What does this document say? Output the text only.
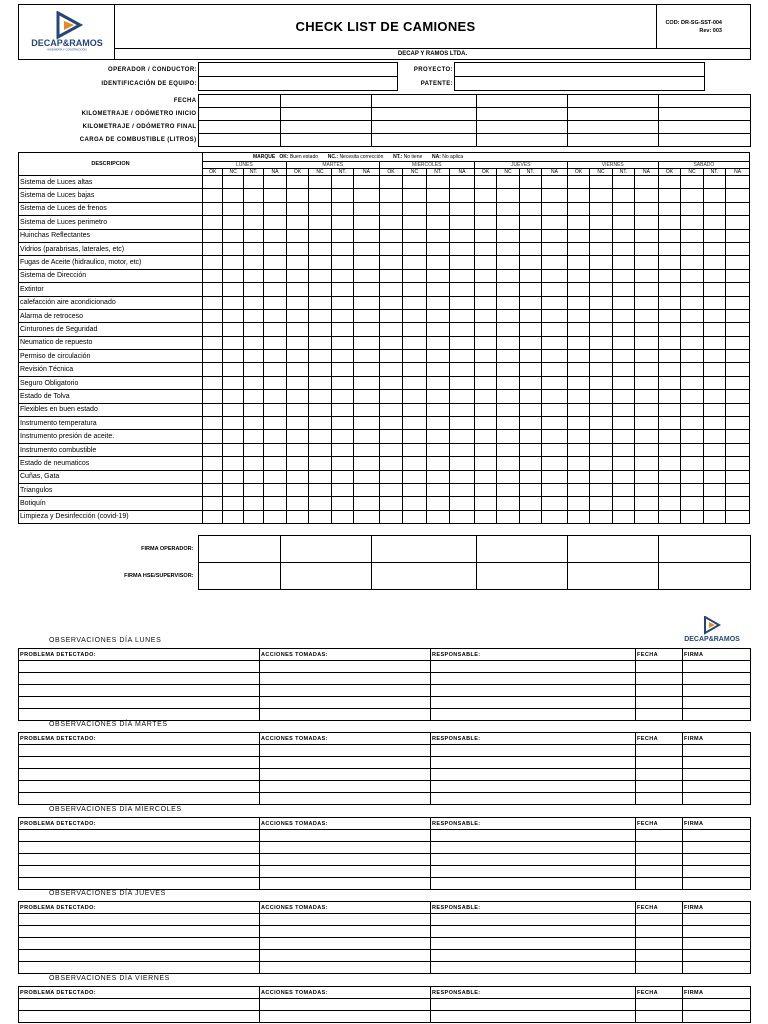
DECAP&RAMOS
INGENIERÍA Y CONSTRUCCIÓN
	CHECK LIST DE CAMIONES	COD: DR-SG-SST-004
Rev: 003

DECAP Y RAMOS LTDA.
OPERADOR / CONDUCTOR:
IDENTIFICACIÓN DE EQUIPO:
PROYECTO:
PATENTE:
FECHA						
KILOMETRAJE / ODÓMETRO INICIO						
KILOMETRAJE / ODÓMETRO FINAL						
CARGA DE COMBUSTIBLE (LITROS)						
DESCRIPCION	MARQUE OK: Buen estado NC.: Necesita corrección NT.: No tiene NA: No aplica																							
	LUNES				MARTES				MIERCOLES				JUEVES				VIERNES				SABADO			
	OK	NC	NT.	NA	OK	NC	NT.	NA	OK	NC	NT.	NA	OK	NC	NT.	NA	OK	NC	NT.	NA	OK	NC	NT.	NA
Sistema de Luces altas																								
Sistema de Luces bajas																								
Sistema de Luces de frenos																								
Sistema de Luces perimetro																								
Huinchas Reflectantes																								
Vidrios (parabrisas, laterales, etc)																								
Fugas de Aceite (hidraulico, motor, etc)																								
Sistema de Dirección																								
Extintor																								
calefacción aire acondicionado																								
Alarma de retroceso																								
Cinturones de Seguridad																								
Neumatico de repuesto																								
Permiso de circulación																								
Revisión Técnica																								
Seguro Obligatorio																								
Estado de Tolva																								
Flexibles en buen estado																								
Instrumento temperatura																								
Instrumento presión de aceite.																								
Instrumento combustible																								
Estado de neumaticos																								
Cuñas, Gata																								
Triangulos																								
Botiquín																								
Limpieza y Desinfección (covid-19)																								
FIRMA OPERADOR:						
FIRMA HSE/SUPERVISOR:						
DECAP&RAMOS
OBSERVACIONES DÍA LUNES
PROBLEMA DETECTADO:	ACCIONES TOMADAS:	RESPONSABLE:	FECHA	FIRMA

OBSERVACIONES DÍA MARTES
PROBLEMA DETECTADO:	ACCIONES TOMADAS:	RESPONSABLE:	FECHA	FIRMA

OBSERVACIONES DÍA MIERCOLES
PROBLEMA DETECTADO:	ACCIONES TOMADAS:	RESPONSABLE:	FECHA	FIRMA

OBSERVACIONES DÍA JUEVES
PROBLEMA DETECTADO:	ACCIONES TOMADAS:	RESPONSABLE:	FECHA	FIRMA

OBSERVACIONES DÍA VIERNES
PROBLEMA DETECTADO:	ACCIONES TOMADAS:	RESPONSABLE:	FECHA	FIRMA
